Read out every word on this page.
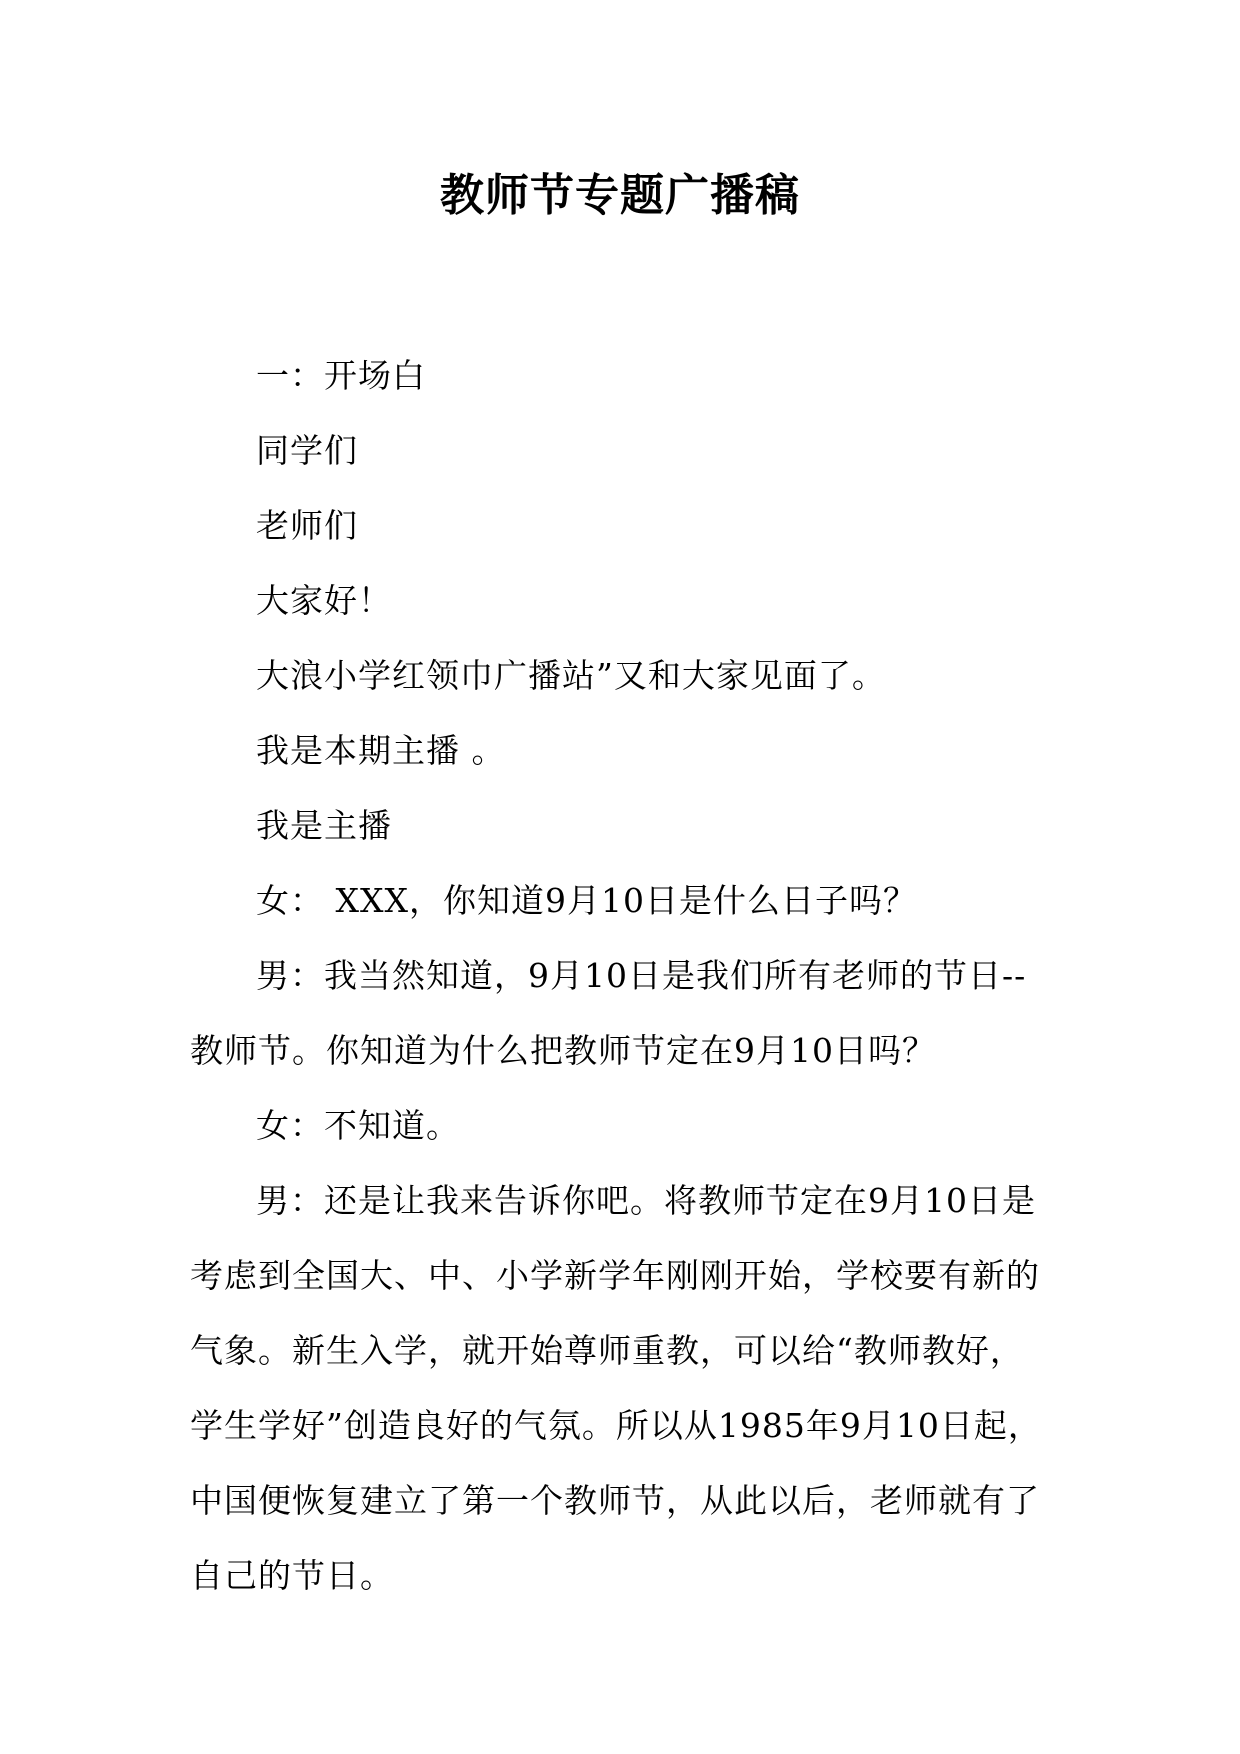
教师节专题广播稿

一：开场白

同学们

老师们

大家好！

大浪小学红领巾广播站”又和大家见面了。

我是本期主播 。

我是主播

女： XXX，你知道9月10日是什么日子吗？

男：我当然知道，9月10日是我们所有老师的节日--教师节。你知道为什么把教师节定在9月10日吗？

女：不知道。

男：还是让我来告诉你吧。将教师节定在9月10日是考虑到全国大、中、小学新学年刚刚开始，学校要有新的气象。新生入学，就开始尊师重教，可以给“教师教好，学生学好”创造良好的气氛。所以从1985年9月10日起，中国便恢复建立了第一个教师节，从此以后，老师就有了自己的节日。
